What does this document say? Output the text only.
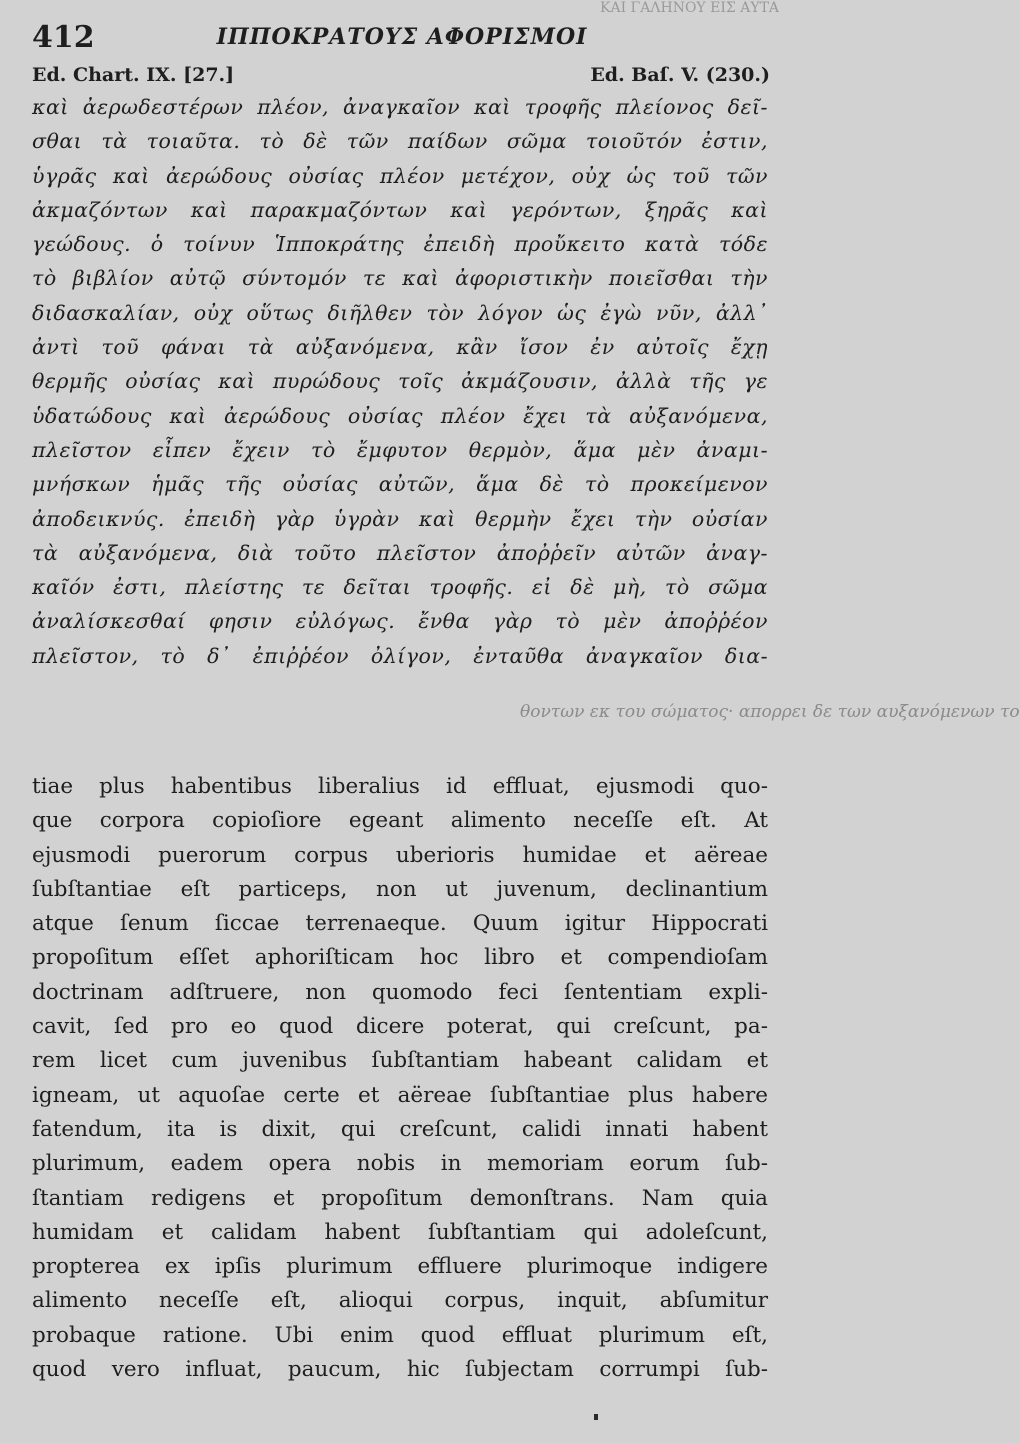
ΚΑΙ ΓΑΛΗΝΟΥ ΕΙΣ ΑΥΤΑ
412	ΙΠΠΟΚΡΑΤΟΥΣ ΑΦΟΡΙΣΜΟΙ
Ed. Chart. IX. [27.]	Ed. Baſ. V. (230.)
καὶ ἀερωδεστέρων πλέον, ἀναγκαῖον καὶ τροφῆς πλείονος δεῖ-
σθαι τὰ τοιαῦτα. τὸ δὲ τῶν παίδων σῶμα τοιοῦτόν ἐστιν,
ὑγρᾶς καὶ ἀερώδους οὐσίας πλέον μετέχον, οὐχ ὡς τοῦ τῶν
ἀκμαζόντων καὶ παρακμαζόντων καὶ γερόντων, ξηρᾶς καὶ
γεώδους. ὁ τοίνυν Ἱπποκράτης ἐπειδὴ προὔκειτο κατὰ τόδε
τὸ βιβλίον αὐτῷ σύντομόν τε καὶ ἀφοριστικὴν ποιεῖσθαι τὴν
διδασκαλίαν, οὐχ οὕτως διῆλθεν τὸν λόγον ὡς ἐγὼ νῦν, ἀλλ᾽
ἀντὶ τοῦ φάναι τὰ αὐξανόμενα, κἂν ἴσον ἐν αὐτοῖς ἔχῃ
θερμῆς οὐσίας καὶ πυρώδους τοῖς ἀκμάζουσιν, ἀλλὰ τῆς γε
ὑδατώδους καὶ ἀερώδους οὐσίας πλέον ἔχει τὰ αὐξανόμενα,
πλεῖστον εἶπεν ἔχειν τὸ ἔμφυτον θερμὸν, ἅμα μὲν ἀναμι-
μνήσκων ἡμᾶς τῆς οὐσίας αὐτῶν, ἅμα δὲ τὸ προκείμενον
ἀποδεικνύς. ἐπειδὴ γὰρ ὑγρὰν καὶ θερμὴν ἔχει τὴν οὐσίαν
τὰ αὐξανόμενα, διὰ τοῦτο πλεῖστον ἀποῤῥεῖν αὐτῶν ἀναγ-
καῖόν ἐστι, πλείστης τε δεῖται τροφῆς. εἰ δὲ μὴ, τὸ σῶμα
ἀναλίσκεσθαί φησιν εὐλόγως. ἔνθα γὰρ τὸ μὲν ἀποῤῥέον
πλεῖστον, τὸ δ᾽ ἐπιῤῥέον ὀλίγον, ἐνταῦθα ἀναγκαῖον δια-
θοντων εκ του σώματος· απορρει δε των αυξανόμενων το
tiae plus habentibus liberalius id effluat, ejusmodi quo-
que corpora copioſiore egeant alimento neceſſe eſt. At
ejusmodi puerorum corpus uberioris humidae et aëreae
ſubſtantiae eſt particeps, non ut juvenum, declinantium
atque ſenum ſiccae terrenaeque. Quum igitur Hippocrati
propoſitum eſſet aphoriſticam hoc libro et compendioſam
doctrinam adſtruere, non quomodo feci ſententiam expli-
cavit, ſed pro eo quod dicere poterat, qui creſcunt, pa-
rem licet cum juvenibus ſubſtantiam habeant calidam et
igneam, ut aquoſae certe et aëreae ſubſtantiae plus habere
fatendum, ita is dixit, qui creſcunt, calidi innati habent
plurimum, eadem opera nobis in memoriam eorum ſub-
ſtantiam redigens et propoſitum demonſtrans. Nam quia
humidam et calidam habent ſubſtantiam qui adoleſcunt,
propterea ex ipſis plurimum effluere plurimoque indigere
alimento neceſſe eſt, alioqui corpus, inquit, abſumitur
probaque ratione. Ubi enim quod effluat plurimum eſt,
quod vero influat, paucum, hic ſubjectam corrumpi ſub-
